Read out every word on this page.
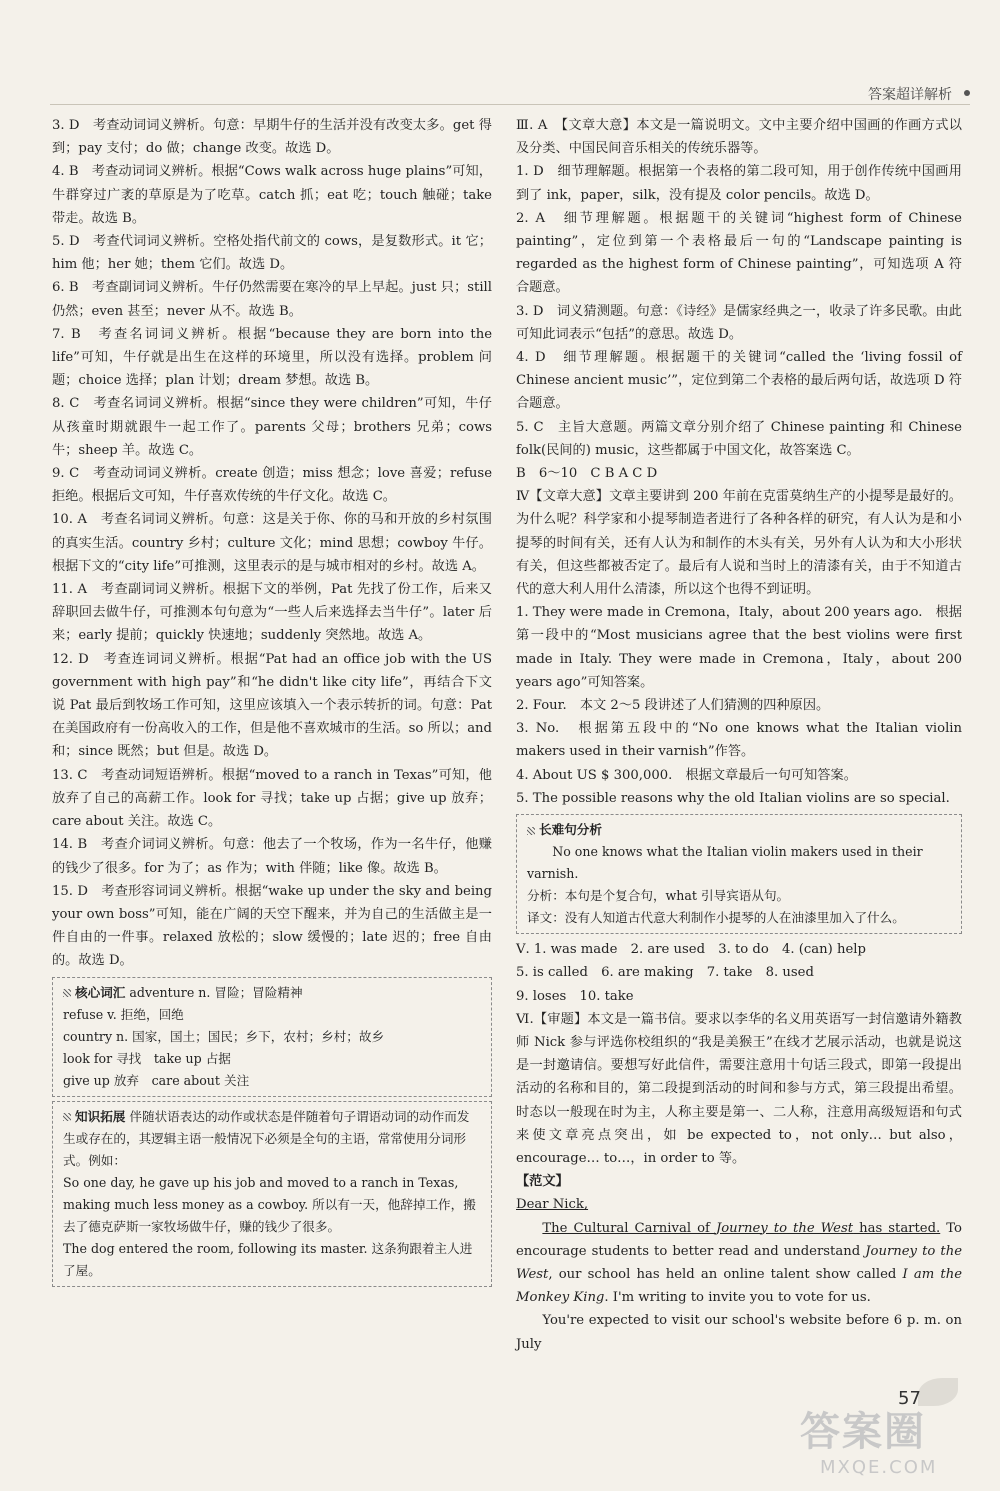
答案超详解析

3. D　考查动词词义辨析。句意：早期牛仔的生活并没有改变太多。get 得到；pay 支付；do 做；change 改变。故选 D。

4. B　考查动词词义辨析。根据“Cows walk across huge plains”可知，牛群穿过广袤的草原是为了吃草。catch 抓；eat 吃；touch 触碰；take 带走。故选 B。

5. D　考查代词词义辨析。空格处指代前文的 cows，是复数形式。it 它；him 他；her 她；them 它们。故选 D。

6. B　考查副词词义辨析。牛仔仍然需要在寒冷的早上早起。just 只；still 仍然；even 甚至；never 从不。故选 B。

7. B　考查名词词义辨析。根据“because they are born into the life”可知，牛仔就是出生在这样的环境里，所以没有选择。problem 问题；choice 选择；plan 计划；dream 梦想。故选 B。

8. C　考查名词词义辨析。根据“since they were children”可知，牛仔从孩童时期就跟牛一起工作了。parents 父母；brothers 兄弟；cows 牛；sheep 羊。故选 C。

9. C　考查动词词义辨析。create 创造；miss 想念；love 喜爱；refuse 拒绝。根据后文可知，牛仔喜欢传统的牛仔文化。故选 C。

10. A　考查名词词义辨析。句意：这是关于你、你的马和开放的乡村氛围的真实生活。country 乡村；culture 文化；mind 思想；cowboy 牛仔。根据下文的“city life”可推测，这里表示的是与城市相对的乡村。故选 A。

11. A　考查副词词义辨析。根据下文的举例，Pat 先找了份工作，后来又辞职回去做牛仔，可推测本句句意为“一些人后来选择去当牛仔”。later 后来；early 提前；quickly 快速地；suddenly 突然地。故选 A。

12. D　考查连词词义辨析。根据“Pat had an office job with the US government with high pay”和“he didn't like city life”，再结合下文说 Pat 最后到牧场工作可知，这里应该填入一个表示转折的词。句意：Pat 在美国政府有一份高收入的工作，但是他不喜欢城市的生活。so 所以；and 和；since 既然；but 但是。故选 D。

13. C　考查动词短语辨析。根据“moved to a ranch in Texas”可知，他放弃了自己的高薪工作。look for 寻找；take up 占据；give up 放弃；care about 关注。故选 C。

14. B　考查介词词义辨析。句意：他去了一个牧场，作为一名牛仔，他赚的钱少了很多。for 为了；as 作为；with 伴随；like 像。故选 B。

15. D　考查形容词词义辨析。根据“wake up under the sky and being your own boss”可知，能在广阔的天空下醒来，并为自己的生活做主是一件自由的一件事。relaxed 放松的；slow 缓慢的；late 迟的；free 自由的。故选 D。

核心词汇 adventure n. 冒险；冒险精神
refuse v. 拒绝，回绝
country n. 国家，国土；国民；乡下，农村；乡村；故乡
look for 寻找　take up 占据
give up 放弃　care about 关注
知识拓展 伴随状语表达的动作或状态是伴随着句子谓语动词的动作而发生或存在的，其逻辑主语一般情况下必须是全句的主语，常常使用分词形式。例如：
So one day, he gave up his job and moved to a ranch in Texas, making much less money as a cowboy. 所以有一天，他辞掉工作，搬去了德克萨斯一家牧场做牛仔，赚的钱少了很多。
The dog entered the room, following its master. 这条狗跟着主人进了屋。

Ⅲ. A　【文章大意】本文是一篇说明文。文中主要介绍中国画的作画方式以及分类、中国民间音乐相关的传统乐器等。

1. D　细节理解题。根据第一个表格的第二段可知，用于创作传统中国画用到了 ink，paper，silk，没有提及 color pencils。故选 D。

2. A　细节理解题。根据题干的关键词“highest form of Chinese painting”，定位到第一个表格最后一句的“Landscape painting is regarded as the highest form of Chinese painting”，可知选项 A 符合题意。

3. D　词义猜测题。句意：《诗经》是儒家经典之一，收录了许多民歌。由此可知此词表示“包括”的意思。故选 D。

4. D　细节理解题。根据题干的关键词“called the ‘living fossil of Chinese ancient music’”，定位到第二个表格的最后两句话，故选项 D 符合题意。

5. C　主旨大意题。两篇文章分别介绍了 Chinese painting 和 Chinese folk(民间的) music，这些都属于中国文化，故答案选 C。

B　6～10　C B A C D

Ⅳ【文章大意】文章主要讲到 200 年前在克雷莫纳生产的小提琴是最好的。为什么呢？科学家和小提琴制造者进行了各种各样的研究，有人认为是和小提琴的时间有关，还有人认为和制作的木头有关，另外有人认为和大小形状有关，但这些都被否定了。最后有人说和当时上的清漆有关，由于不知道古代的意大利人用什么清漆，所以这个也得不到证明。

1. They were made in Cremona，Italy，about 200 years ago.　根据第一段中的“Most musicians agree that the best violins were first made in Italy. They were made in Cremona，Italy，about 200 years ago”可知答案。

2. Four.　本文 2～5 段讲述了人们猜测的四种原因。

3. No.　根据第五段中的“No one knows what the Italian violin makers used in their varnish”作答。

4. About US $ 300,000.　根据文章最后一句可知答案。

5. The possible reasons why the old Italian violins are so special.

长难句分析
No one knows what the Italian violin makers used in their varnish.
分析：本句是个复合句，what 引导宾语从句。
译文：没有人知道古代意大利制作小提琴的人在油漆里加入了什么。

Ⅴ. 1. was made　2. are used　3. to do　4. (can) help

5. is called　6. are making　7. take　8. used

9. loses　10. take

Ⅵ.【审题】本文是一篇书信。要求以李华的名义用英语写一封信邀请外籍教师 Nick 参与评选你校组织的“我是美猴王”在线才艺展示活动，也就是说这是一封邀请信。要想写好此信件，需要注意用十句话三段式，即第一段提出活动的名称和目的，第二段提到活动的时间和参与方式，第三段提出希望。时态以一般现在时为主，人称主要是第一、二人称，注意用高级短语和句式来使文章亮点突出，如 be expected to，not only… but also，encourage… to…，in order to 等。

【范文】

Dear Nick,

The Cultural Carnival of Journey to the West has started. To encourage students to better read and understand Journey to the West, our school has held an online talent show called I am the Monkey King. I'm writing to invite you to vote for us.

You're expected to visit our school's website before 6 p. m. on July

57
答案圈
MXQE.COM
